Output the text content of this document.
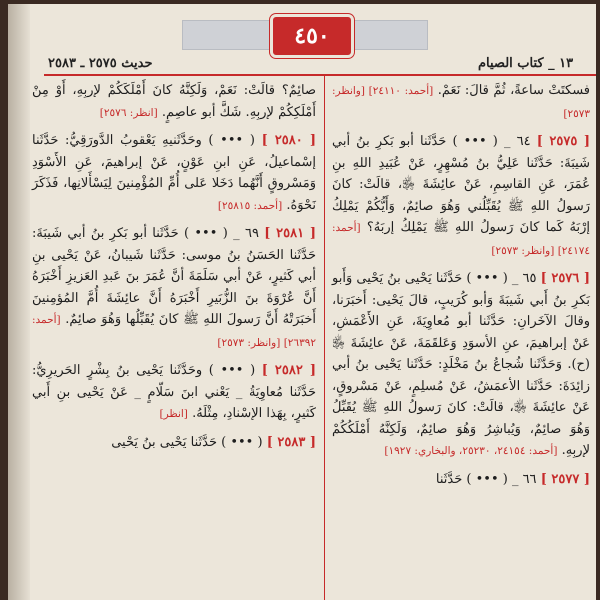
٤٥٠
حديث ٢٥٧٥ ـ ٢٥٨٣	١٣ _ كتاب الصيام
صائِمٌ؟ قالَتْ: نَعَمْ، وَلَكِنَّهُ كانَ أَمْلَكَكُمْ لإربِهِ، أَوْ مِنْ أَمْلَكِكُمْ لإربِهِ. شَكَّ أبو عاصِمٍ. [انظر: ٢٥٧٦]
[ ٢٥٨٠ ] ( ••• ) وحَدَّثَنيهِ يَعْقوبُ الدَّورَقِيُّ: حَدَّثَنا إسْماعيلُ، عَنِ ابنِ عَوْنٍ، عَنْ إبراهيمَ، عَنِ الأَسْوَدِ وَمَسْروقٍ أَنَّهُما دَخَلا عَلى أُمِّ المُؤْمِنينَ لِيَسْأَلانِها، فَذَكَرَ نَحْوَهُ. [أحمد: ٢٥٨١٥]
[ ٢٥٨١ ] ٦٩ _ ( ••• ) حَدَّثَنا أبو بَكرِ بنُ أبي شَيبَةَ: حَدَّثَنا الحَسَنُ بنُ موسى: حَدَّثَنا شَيبانُ، عَنْ يَحْيى بنِ أبي كَثيرٍ، عَنْ أبي سَلَمَةَ أنَّ عُمَرَ بنَ عَبدِ العَزيزِ أَخْبَرَهُ أَنَّ عُرْوَةَ بنَ الزُّبَيرِ أَخْبَرَهُ أَنَّ عائِشَةَ أُمَّ المُؤمِنينَ أَخبَرَتْهُ أَنَّ رَسولَ اللهِ ﷺ كانَ يُقَبِّلُها وَهُوَ صائِمٌ. [أحمد: ٢٦٣٩٢] [وانظر: ٢٥٧٣]
[ ٢٥٨٢ ] ( ••• ) وحَدَّثَنا يَحْيى بنُ بِشْرٍ الحَريرِيُّ: حَدَّثَنا مُعاوِيَةُ _ يَعْني ابنَ سَلّامٍ _ عَنْ يَحْيى بنِ أَبي كَثيرٍ، بِهَذا الإسْنادِ، مِثْلَهُ. [انظر]
[ ٢٥٨٣ ] ( ••• ) حَدَّثَنا يَحْيى بنُ يَحْيى
فسكتَتْ ساعةً، ثُمَّ قالَ: نَعَمْ. [أحمد: ٢٤١١٠] [وانظر: ٢٥٧٣]
[ ٢٥٧٥ ] ٦٤ _ ( ••• ) حَدَّثَنا أبو بَكرِ بنُ أبي شَيبَةَ: حَدَّثَنا عَلِيُّ بنُ مُسْهِرٍ، عَنْ عُبَيدِ اللهِ بنِ عُمَرَ، عَنِ القاسِمِ، عَنْ عائِشَةَ ﵂، قالَتْ: كانَ رَسولُ اللهِ ﷺ يُقَبِّلُني وَهُوَ صائِمٌ، وَأَيُّكُمْ يَمْلِكُ إرْبَهُ كَما كانَ رَسولُ اللهِ ﷺ يَمْلِكُ إربَهُ؟ [أحمد: ٢٤١٧٤] [وانظر: ٢٥٧٣]
[ ٢٥٧٦ ] ٦٥ _ ( ••• ) حَدَّثَنا يَحْيى بنُ يَحْيى وَأَبو بَكرِ بنُ أَبي شَيبَةَ وَأبو كُرَيبٍ، قالَ يَحْيى: أَخبَرَنا، وقالَ الآخَرانِ: حَدَّثَنا أبو مُعاوِيَةَ، عَنِ الأَعْمَشِ، عَنْ إبراهيمَ، عنِ الأسوَدِ وَعَلقَمَةَ، عَنْ عائِشَةَ ﵂ (ح). وَحَدَّثَنا شُجاعُ بنُ مَخْلَدٍ: حَدَّثَنا يَحْيى بنُ أبي زائِدَةَ: حَدَّثَنا الأعمَشُ، عَنْ مُسلِمٍ، عَنْ مَسْروقٍ، عَنْ عائِشَةَ ﵂، قالَتْ: كانَ رَسولُ اللهِ ﷺ يُقَبِّلُ وَهُوَ صائِمٌ، وَيُباشِرُ وَهُوَ صائِمٌ، وَلَكِنَّهُ أَمْلَكُكُمْ لإربِهِ. [أحمد: ٢٤١٥٤، ٢٥٢٣٠، والبخاري: ١٩٢٧]
[ ٢٥٧٧ ] ٦٦ _ ( ••• ) حَدَّثَنا
